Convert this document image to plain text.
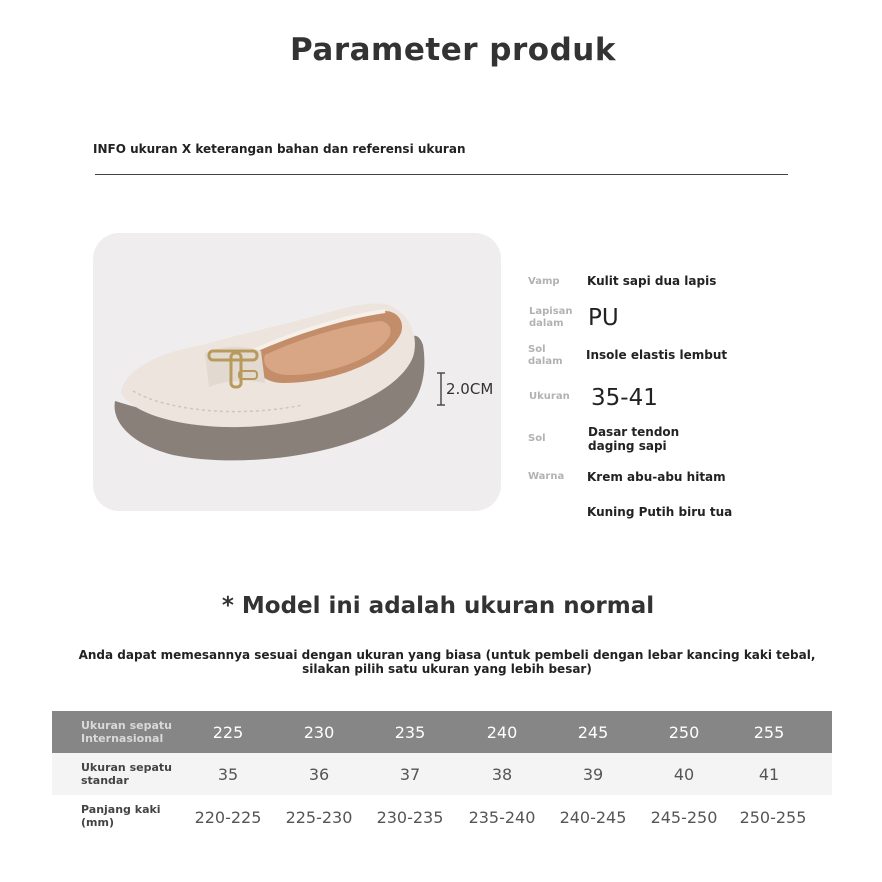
Parameter produk
INFO ukuran X keterangan bahan dan referensi ukuran
2.0CM
Vamp	Kulit sapi dua lapis
Lapisan dalam	PU
Sol dalam	Insole elastis lembut
Ukuran 35-41
Sol	Dasar tendon daging sapi
Warna	Krem abu-abu hitam
Kuning Putih biru tua
* Model ini adalah ukuran normal
Anda dapat memesannya sesuai dengan ukuran yang biasa (untuk pembeli dengan lebar kancing kaki tebal,
silakan pilih satu ukuran yang lebih besar)
Ukuran sepatu Internasional	225	230	235	240	245	250	255
Ukuran sepatu standar	35	36	37	38	39	40	41
Panjang kaki (mm)	220-225	225-230	230-235	235-240	240-245	245-250	250-255
